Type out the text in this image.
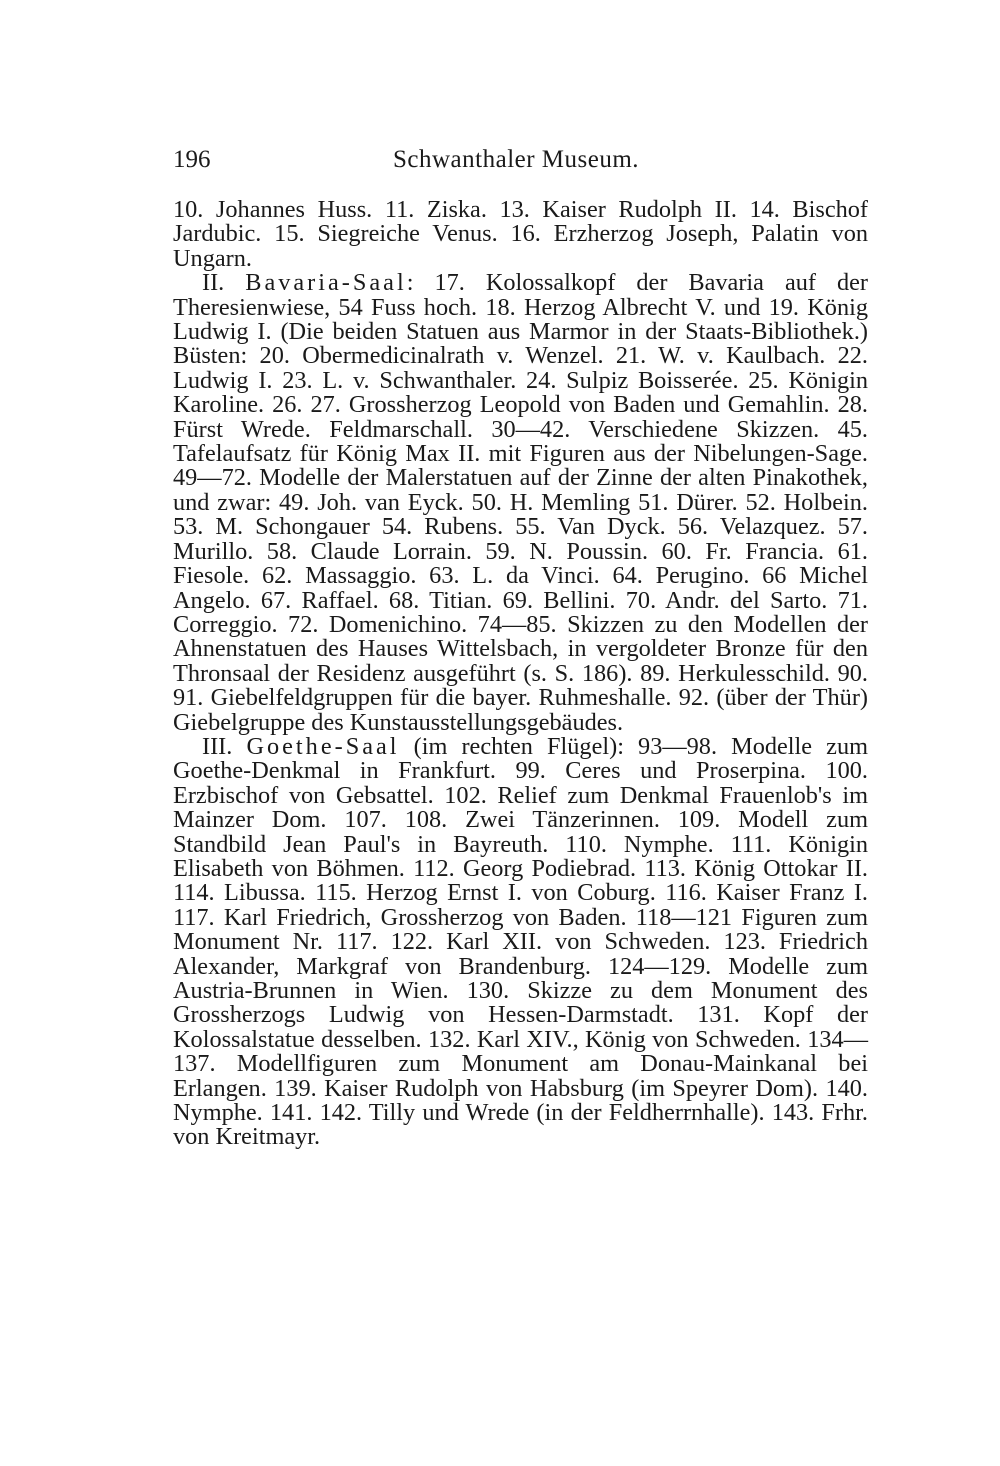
196	Schwanthaler Museum.

10. Johannes Huss. 11. Ziska. 13. Kaiser Rudolph II. 14. Bischof Jardubic. 15. Siegreiche Venus. 16. Erzherzog Joseph, Palatin von Ungarn.

II. Bavaria-Saal: 17. Kolossalkopf der Bavaria auf der Theresienwiese, 54 Fuss hoch. 18. Herzog Albrecht V. und 19. König Ludwig I. (Die beiden Statuen aus Marmor in der Staats-Bibliothek.) Büsten: 20. Obermedicinalrath v. Wenzel. 21. W. v. Kaulbach. 22. Ludwig I. 23. L. v. Schwanthaler. 24. Sulpiz Boisserée. 25. Königin Karoline. 26. 27. Grossherzog Leopold von Baden und Gemahlin. 28. Fürst Wrede. Feldmarschall. 30—42. Verschiedene Skizzen. 45. Tafelaufsatz für König Max II. mit Figuren aus der Nibelungen-Sage. 49—72. Modelle der Malerstatuen auf der Zinne der alten Pinakothek, und zwar: 49. Joh. van Eyck. 50. H. Memling 51. Dürer. 52. Holbein. 53. M. Schongauer 54. Rubens. 55. Van Dyck. 56. Velazquez. 57. Murillo. 58. Claude Lorrain. 59. N. Poussin. 60. Fr. Francia. 61. Fiesole. 62. Massaggio. 63. L. da Vinci. 64. Perugino. 66 Michel Angelo. 67. Raffael. 68. Titian. 69. Bellini. 70. Andr. del Sarto. 71. Correggio. 72. Domenichino. 74—85. Skizzen zu den Modellen der Ahnenstatuen des Hauses Wittelsbach, in vergoldeter Bronze für den Thronsaal der Residenz ausgeführt (s. S. 186). 89. Herkulesschild. 90. 91. Giebelfeldgruppen für die bayer. Ruhmeshalle. 92. (über der Thür) Giebelgruppe des Kunstausstellungsgebäudes.

III. Goethe-Saal (im rechten Flügel): 93—98. Modelle zum Goethe-Denkmal in Frankfurt. 99. Ceres und Proserpina. 100. Erzbischof von Gebsattel. 102. Relief zum Denkmal Frauenlob's im Mainzer Dom. 107. 108. Zwei Tänzerinnen. 109. Modell zum Standbild Jean Paul's in Bayreuth. 110. Nymphe. 111. Königin Elisabeth von Böhmen. 112. Georg Podiebrad. 113. König Ottokar II. 114. Libussa. 115. Herzog Ernst I. von Coburg. 116. Kaiser Franz I. 117. Karl Friedrich, Grossherzog von Baden. 118—121 Figuren zum Monument Nr. 117. 122. Karl XII. von Schweden. 123. Friedrich Alexander, Markgraf von Brandenburg. 124—129. Modelle zum Austria-Brunnen in Wien. 130. Skizze zu dem Monument des Grossherzogs Ludwig von Hessen-Darmstadt. 131. Kopf der Kolossalstatue desselben. 132. Karl XIV., König von Schweden. 134—137. Modellfiguren zum Monument am Donau-Mainkanal bei Erlangen. 139. Kaiser Rudolph von Habsburg (im Speyrer Dom). 140. Nymphe. 141. 142. Tilly und Wrede (in der Feldherrnhalle). 143. Frhr. von Kreitmayr.
